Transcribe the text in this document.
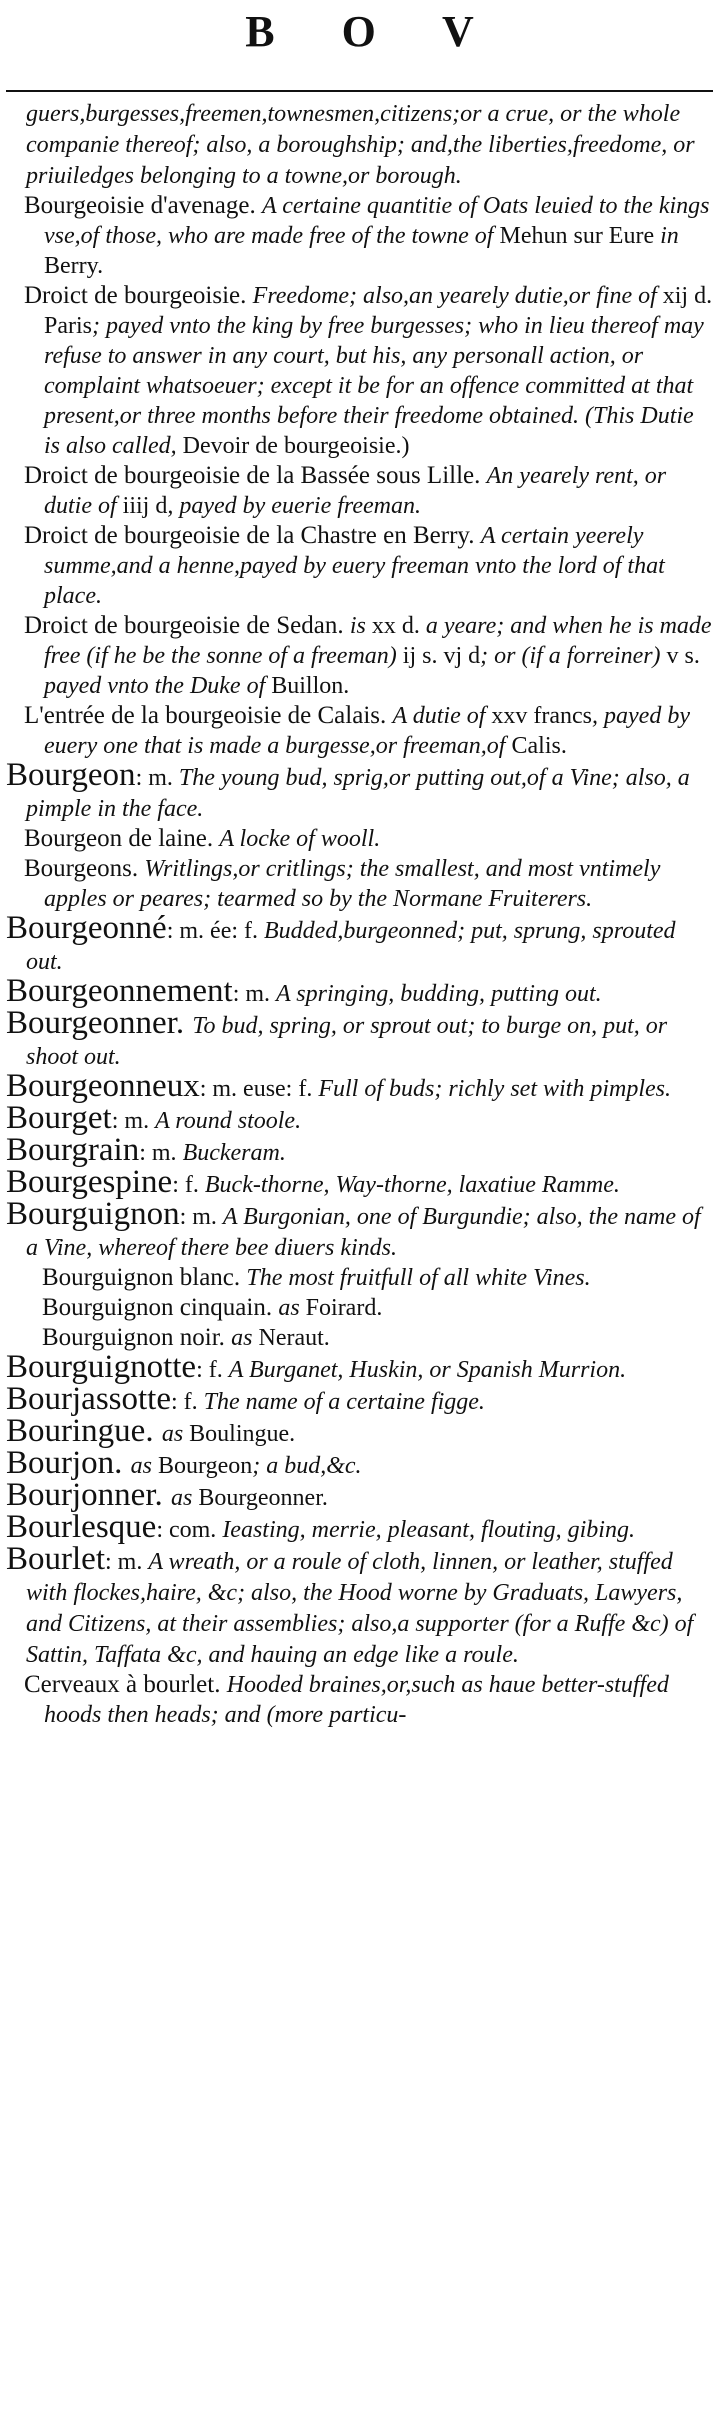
B O V

guers,burgesses,freemen,townesmen,citizens;or a crue, or the whole companie thereof; also, a boroughship; and,the liberties,freedome, or priuiledges belonging to a towne,or borough.

Bourgeoisie d'avenage. A certaine quantitie of Oats leuied to the kings vse,of those, who are made free of the towne of Mehun sur Eure in Berry.

Droict de bourgeoisie. Freedome; also,an yearely dutie,or fine of xij d. Paris; payed vnto the king by free burgesses; who in lieu thereof may refuse to answer in any court, but his, any personall action, or complaint whatsoeuer; except it be for an offence committed at that present,or three months before their freedome obtained. (This Dutie is also called, Devoir de bourgeoisie.)

Droict de bourgeoisie de la Bassée sous Lille. An yearely rent, or dutie of iiij d, payed by euerie freeman.

Droict de bourgeoisie de la Chastre en Berry. A certain yeerely summe,and a henne,payed by euery freeman vnto the lord of that place.

Droict de bourgeoisie de Sedan. is xx d. a yeare; and when he is made free (if he be the sonne of a freeman) ij s. vj d; or (if a forreiner) v s. payed vnto the Duke of Buillon.

L'entrée de la bourgeoisie de Calais. A dutie of xxv francs, payed by euery one that is made a burgesse,or freeman,of Calis.

Bourgeon: m. The young bud, sprig,or putting out,of a Vine; also, a pimple in the face.

Bourgeon de laine. A locke of wooll.

Bourgeons. Writlings,or critlings; the smallest, and most vntimely apples or peares; tearmed so by the Normane Fruiterers.

Bourgeonné: m. ée: f. Budded,burgeonned; put, sprung, sprouted out.

Bourgeonnement: m. A springing, budding, putting out.

Bourgeonner. To bud, spring, or sprout out; to burge on, put, or shoot out.

Bourgeonneux: m. euse: f. Full of buds; richly set with pimples.

Bourget: m. A round stoole.

Bourgrain: m. Buckeram.

Bourgespine: f. Buck-thorne, Way-thorne, laxatiue Ramme.

Bourguignon: m. A Burgonian, one of Burgundie; also, the name of a Vine, whereof there bee diuers kinds.

Bourguignon blanc. The most fruitfull of all white Vines.

Bourguignon cinquain. as Foirard.

Bourguignon noir. as Neraut.

Bourguignotte: f. A Burganet, Huskin, or Spanish Murrion.

Bourjassotte: f. The name of a certaine figge.

Bouringue. as Boulingue.

Bourjon. as Bourgeon; a bud,&c.

Bourjonner. as Bourgeonner.

Bourlesque: com. Ieasting, merrie, pleasant, flouting, gibing.

Bourlet: m. A wreath, or a roule of cloth, linnen, or leather, stuffed with flockes,haire, &c; also, the Hood worne by Graduats, Lawyers, and Citizens, at their assemblies; also,a supporter (for a Ruffe &c) of Sattin, Taffata &c, and hauing an edge like a roule.

Cerveaux à bourlet. Hooded braines,or,such as haue better-stuffed hoods then heads; and (more particu-
